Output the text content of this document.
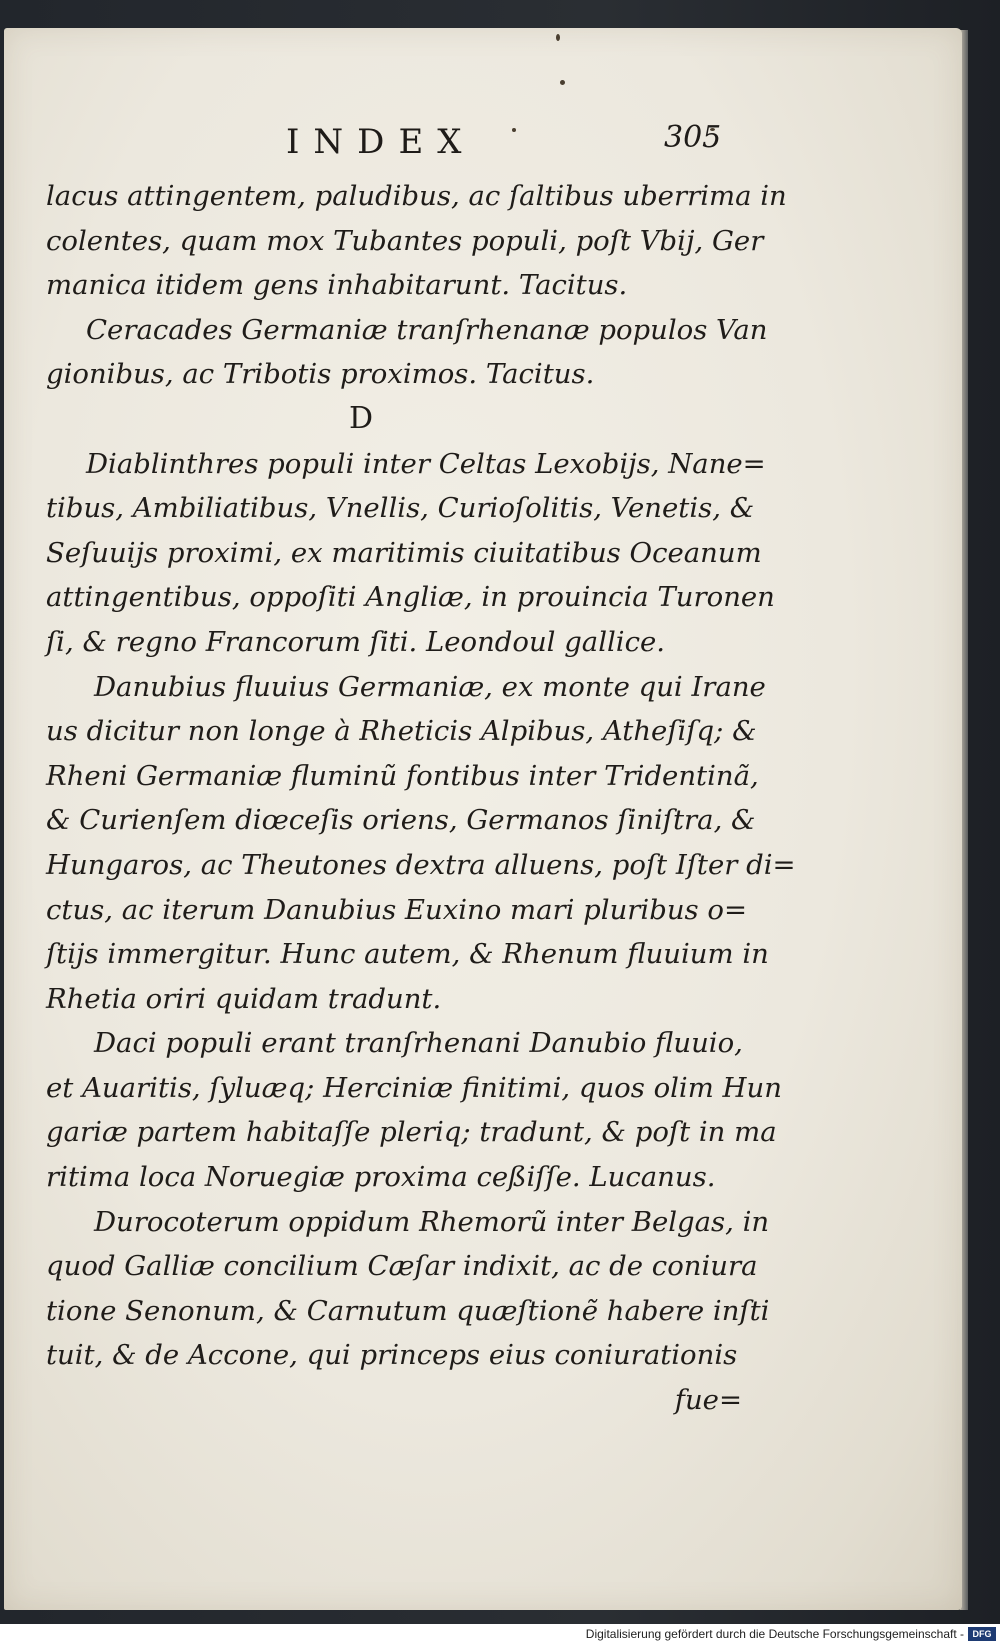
INDEX	305
lacus attingentem, paludibus, ac ſaltibus uberrima in
colentes, quam mox Tubantes populi, poſt Vbij, Ger
manica itidem gens inhabitarunt. Tacitus.
Ceracades Germaniæ tranſrhenanæ populos Van
gionibus, ac Tribotis proximos. Tacitus.
D
Diablinthres populi inter Celtas Lexobijs, Nane=
tibus, Ambiliatibus, Vnellis, Curioſolitis, Venetis, &
Seſuuijs proximi, ex maritimis ciuitatibus Oceanum
attingentibus, oppoſiti Angliæ, in prouincia Turonen
ſi, & regno Francorum ſiti. Leondoul gallice.
Danubius fluuius Germaniæ, ex monte qui Irane
us dicitur non longe à Rheticis Alpibus, Atheſiſq; &
Rheni Germaniæ fluminũ fontibus inter Tridentinã,
& Curienſem diœceſis oriens, Germanos ſiniſtra, &
Hungaros, ac Theutones dextra alluens, poſt Iſter di=
ctus, ac iterum Danubius Euxino mari pluribus o=
ſtijs immergitur. Hunc autem, & Rhenum fluuium in
Rhetia oriri quidam tradunt.
Daci populi erant tranſrhenani Danubio fluuio,
et Auaritis, ſyluæq; Herciniæ finitimi, quos olim Hun
gariæ partem habitaſſe pleriq; tradunt, & poſt in ma
ritima loca Noruegiæ proxima ceßiſſe. Lucanus.
Durocoterum oppidum Rhemorũ inter Belgas, in
quod Galliæ concilium Cæſar indixit, ac de coniura
tione Senonum, & Carnutum quæſtionẽ habere inſti
tuit, & de Accone, qui princeps eius coniurationis
fue=
Digitalisierung gefördert durch die Deutsche Forschungsgemeinschaft - DFG
